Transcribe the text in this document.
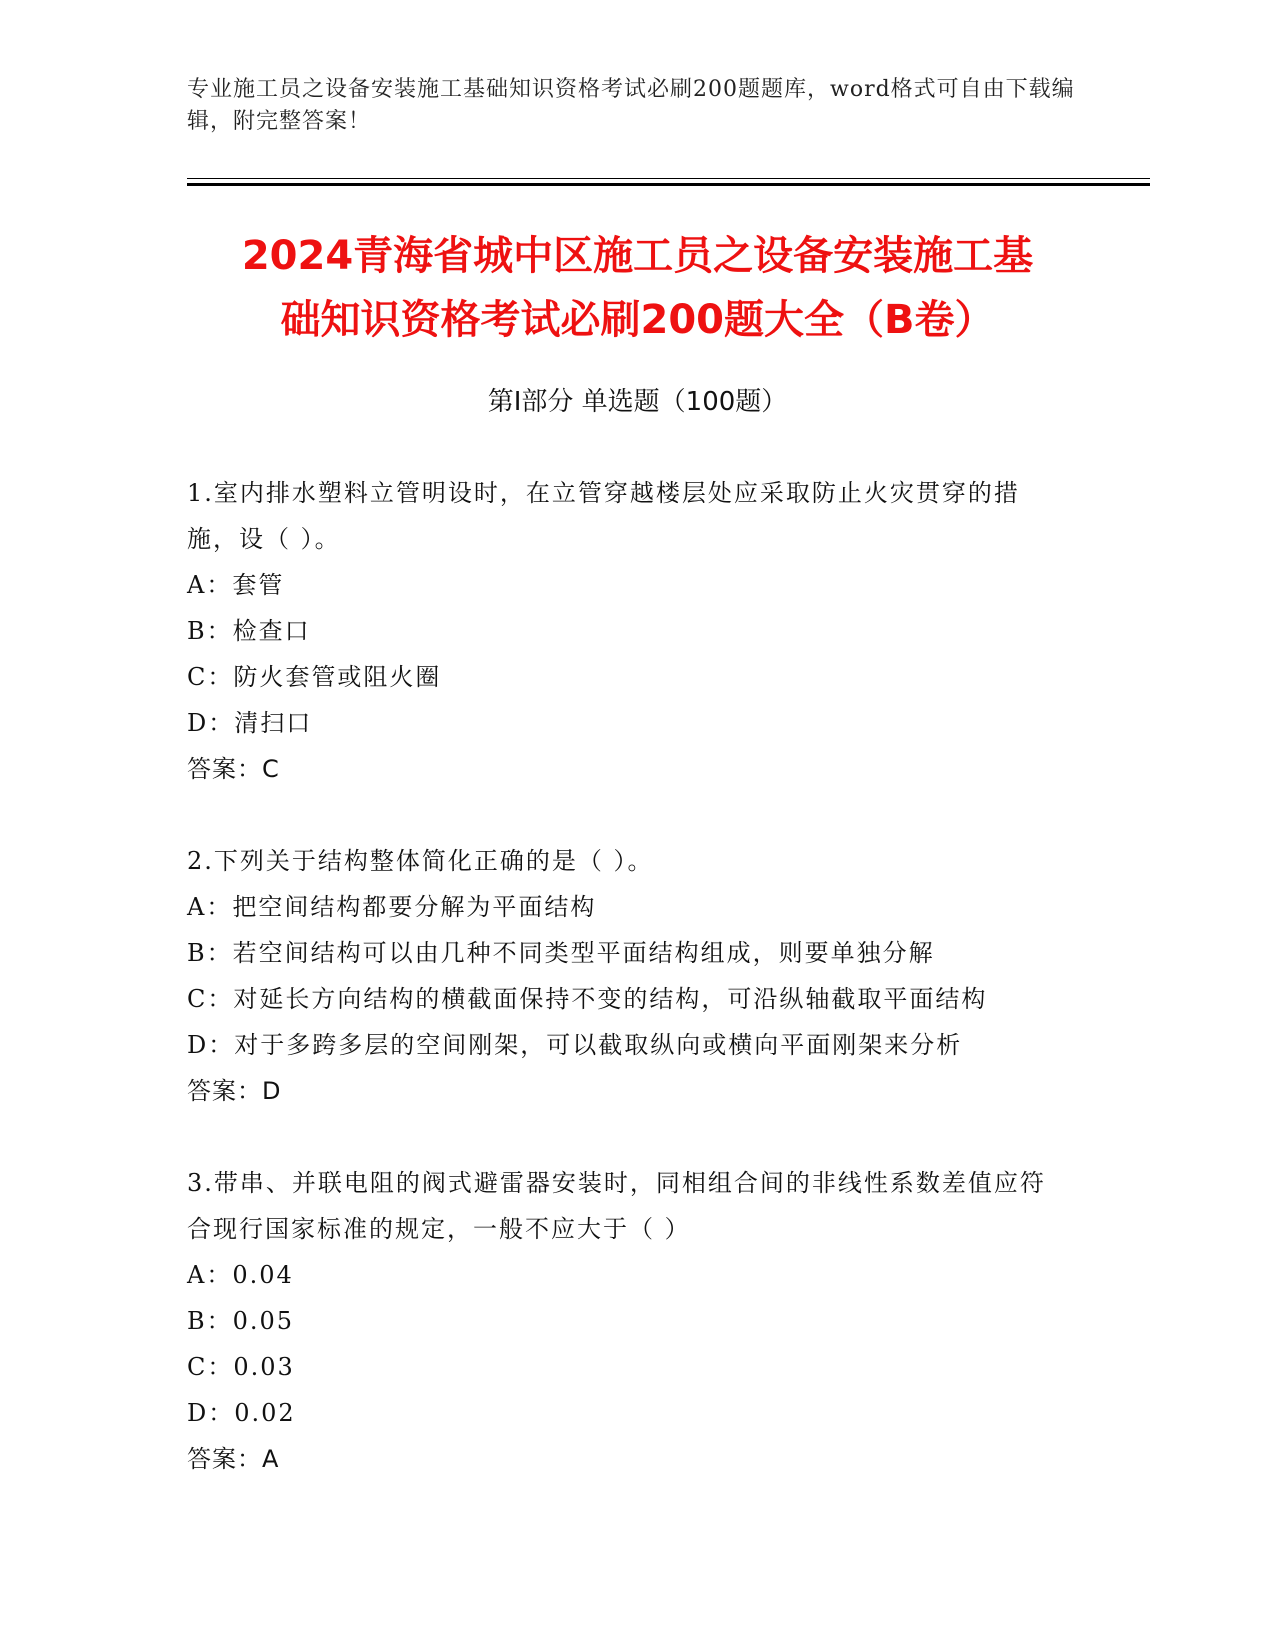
专业施工员之设备安装施工基础知识资格考试必刷200题题库，word格式可自由下载编辑，附完整答案！
2024青海省城中区施工员之设备安装施工基
础知识资格考试必刷200题大全（B卷）
第Ⅰ部分 单选题（100题）
1.室内排水塑料立管明设时，在立管穿越楼层处应采取防止火灾贯穿的措施，设（ ）。
A：套管
B：检查口
C：防火套管或阻火圈
D：清扫口
答案：C
2.下列关于结构整体简化正确的是（ ）。
A：把空间结构都要分解为平面结构
B：若空间结构可以由几种不同类型平面结构组成，则要单独分解
C：对延长方向结构的横截面保持不变的结构，可沿纵轴截取平面结构
D：对于多跨多层的空间刚架，可以截取纵向或横向平面刚架来分析
答案：D
3.带串、并联电阻的阀式避雷器安装时，同相组合间的非线性系数差值应符合现行国家标准的规定，一般不应大于（ ）
A：0.04
B：0.05
C：0.03
D：0.02
答案：A
